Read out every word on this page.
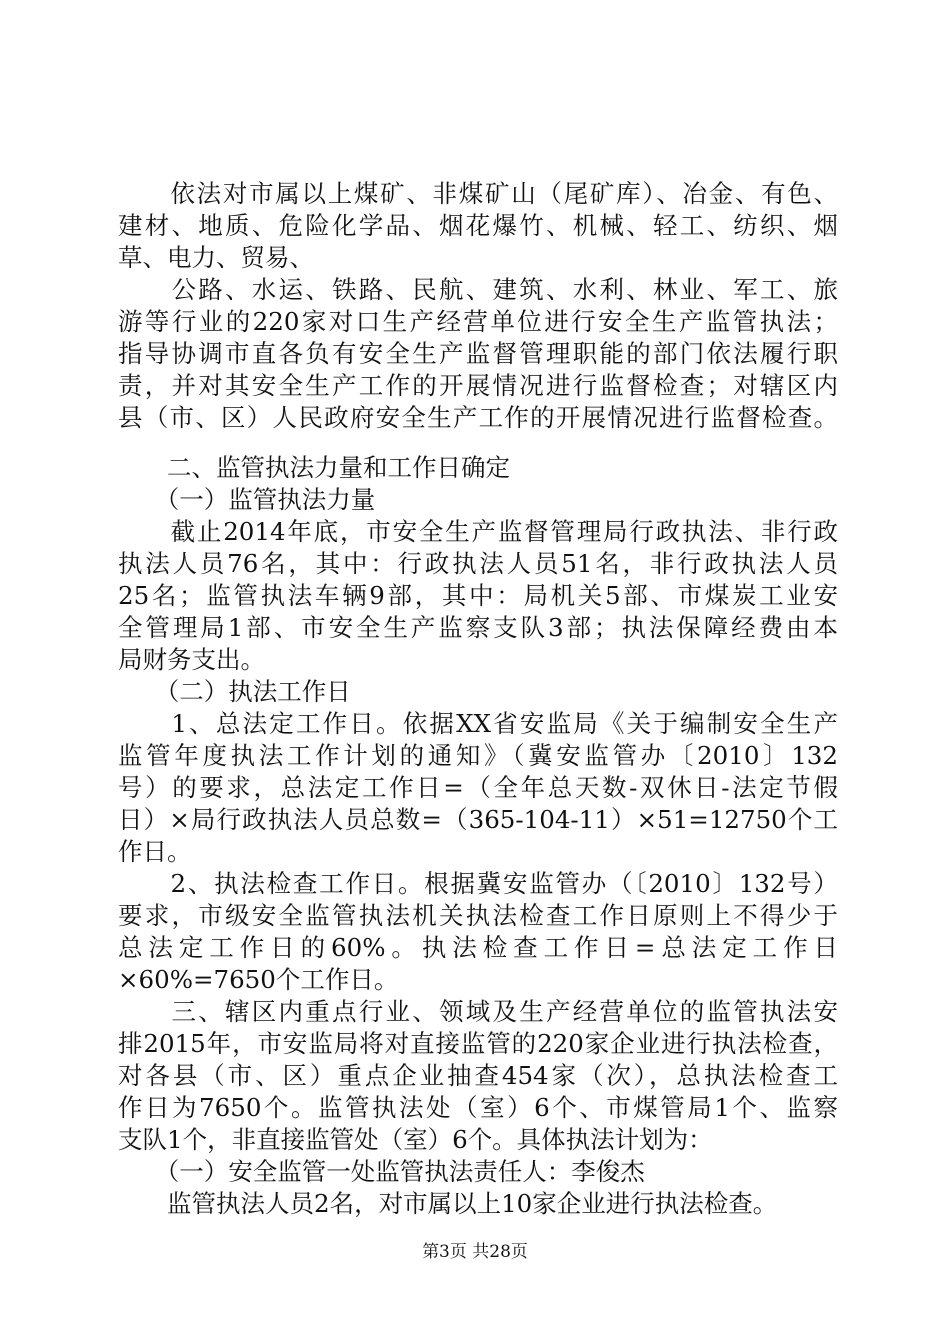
　　依法对市属以上煤矿、非煤矿山（尾矿库）、冶金、有色、
建材、地质、危险化学品、烟花爆竹、机械、轻工、纺织、烟
草、电力、贸易、
　　公路、水运、铁路、民航、建筑、水利、林业、军工、旅
游等行业的220家对口生产经营单位进行安全生产监管执法；
指导协调市直各负有安全生产监督管理职能的部门依法履行职
责，并对其安全生产工作的开展情况进行监督检查；对辖区内
县（市、区）人民政府安全生产工作的开展情况进行监督检查。
　　二、监管执法力量和工作日确定
　　（一）监管执法力量
　　截止2014年底，市安全生产监督管理局行政执法、非行政
执法人员76名，其中：行政执法人员51名，非行政执法人员
25名；监管执法车辆9部，其中：局机关5部、市煤炭工业安
全管理局1部、市安全生产监察支队3部；执法保障经费由本
局财务支出。
　　（二）执法工作日
　　1、总法定工作日。依据XX省安监局《关于编制安全生产
监管年度执法工作计划的通知》（冀安监管办〔2010〕132
号）的要求，总法定工作日=（全年总天数-双休日-法定节假
日）×局行政执法人员总数=（365-104-11）×51=12750个工
作日。
　　2、执法检查工作日。根据冀安监管办（〔2010〕132号）
要求，市级安全监管执法机关执法检查工作日原则上不得少于
总法定工作日的60%。执法检查工作日=总法定工作日
×60%=7650个工作日。
　　三、辖区内重点行业、领域及生产经营单位的监管执法安
排2015年，市安监局将对直接监管的220家企业进行执法检查，
对各县（市、区）重点企业抽查454家（次），总执法检查工
作日为7650个。监管执法处（室）6个、市煤管局1个、监察
支队1个，非直接监管处（室）6个。具体执法计划为：
　　（一）安全监管一处监管执法责任人：李俊杰
　　监管执法人员2名，对市属以上10家企业进行执法检查。
第3页 共28页
